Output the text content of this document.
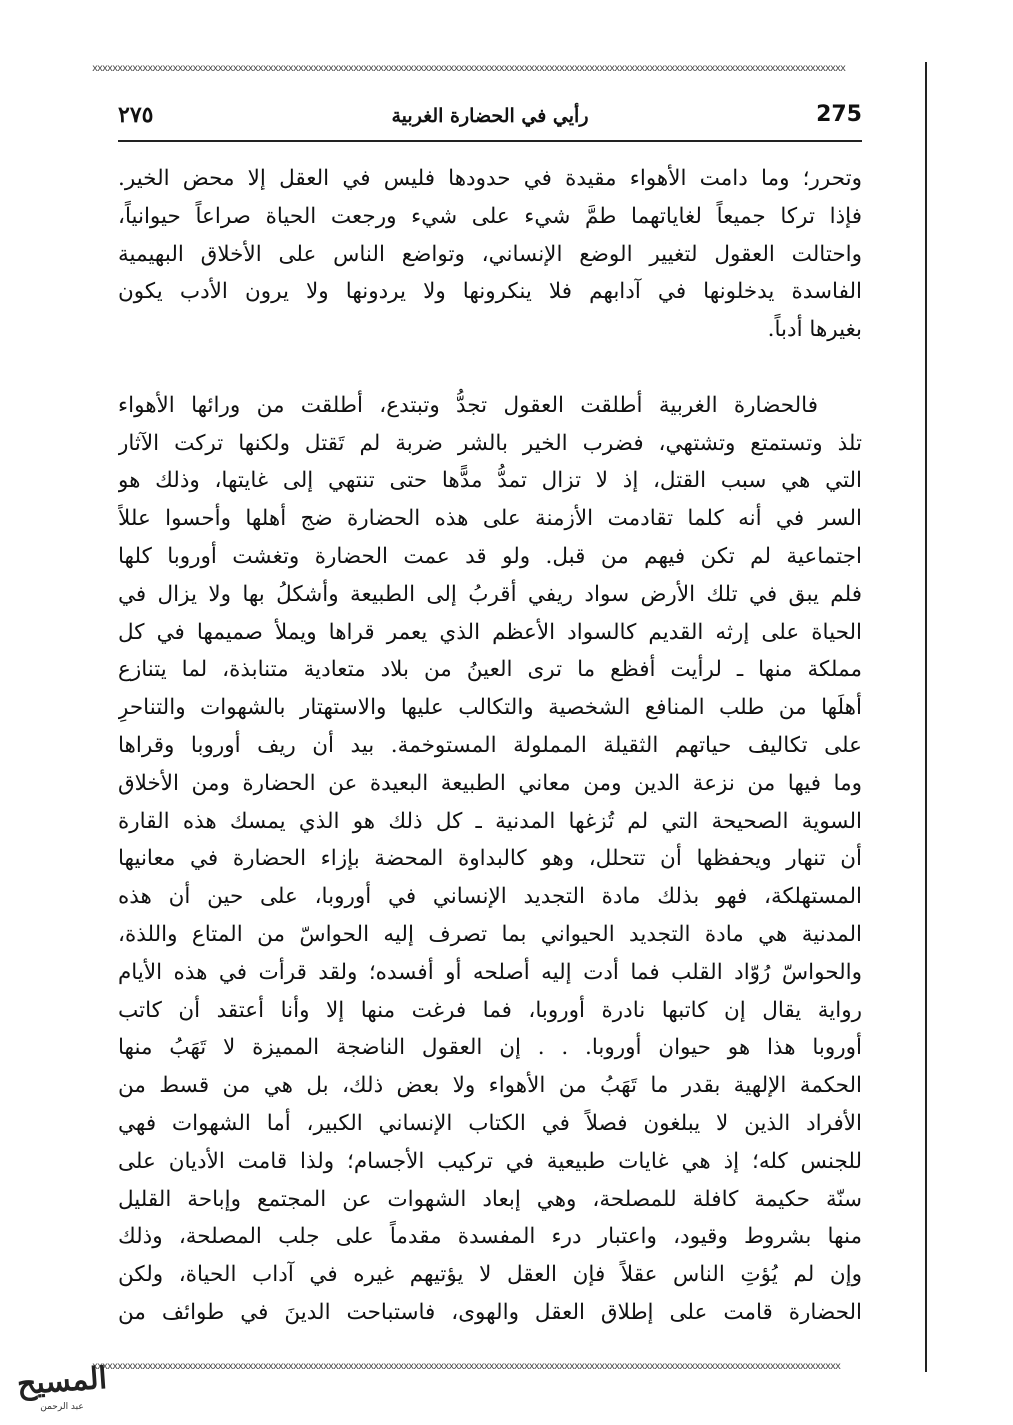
xxxxxxxxxxxxxxxxxxxxxxxxxxxxxxxxxxxxxxxxxxxxxxxxxxxxxxxxxxxxxxxxxxxxxxxxxxxxxxxxxxxxxxxxxxxxxxxxxxxxxxxxxxxxxxxxxxxxxxxxxxxxxxxxxxxxxxxxxxxxxxxxxxxxxx
275
رأيي في الحضارة الغربية
٢٧٥
وتحرر؛ وما دامت الأهواء مقيدة في حدودها فليس في العقل إلا محض الخير.
فإذا تركا جميعاً لغاياتهما طمَّ شيء على شيء ورجعت الحياة صراعاً حيوانياً،
واحتالت العقول لتغيير الوضع الإنساني، وتواضع الناس على الأخلاق البهيمية
الفاسدة يدخلونها في آدابهم فلا ينكرونها ولا يردونها ولا يرون الأدب يكون
بغيرها أدباً.
فالحضارة الغربية أطلقت العقول تجدُّ وتبتدع، أطلقت من ورائها الأهواء
تلذ وتستمتع وتشتهي، فضرب الخير بالشر ضربة لم تَقتل ولكنها تركت الآثار
التي هي سبب القتل، إذ لا تزال تمدُّ مدًّها حتى تنتهي إلى غايتها، وذلك هو
السر في أنه كلما تقادمت الأزمنة على هذه الحضارة ضج أهلها وأحسوا عللاً
اجتماعية لم تكن فيهم من قبل. ولو قد عمت الحضارة وتغشت أوروبا كلها
فلم يبق في تلك الأرض سواد ريفي أقربُ إلى الطبيعة وأشكلُ بها ولا يزال في
الحياة على إرثه القديم كالسواد الأعظم الذي يعمر قراها ويملأ صميمها في كل
مملكة منها ـ لرأيت أفظع ما ترى العينُ من بلاد متعادية متنابذة، لما يتنازع
أهلَها من طلب المنافع الشخصية والتكالب عليها والاستهتار بالشهوات والتناحرِ
على تكاليف حياتهم الثقيلة المملولة المستوخمة. بيد أن ريف أوروبا وقراها
وما فيها من نزعة الدين ومن معاني الطبيعة البعيدة عن الحضارة ومن الأخلاق
السوية الصحيحة التي لم تُزغها المدنية ـ كل ذلك هو الذي يمسك هذه القارة
أن تنهار ويحفظها أن تتحلل، وهو كالبداوة المحضة بإزاء الحضارة في معانيها
المستهلكة، فهو بذلك مادة التجديد الإنساني في أوروبا، على حين أن هذه
المدنية هي مادة التجديد الحيواني بما تصرف إليه الحواسّ من المتاع واللذة،
والحواسّ رُوّاد القلب فما أدت إليه أصلحه أو أفسده؛ ولقد قرأت في هذه الأيام
رواية يقال إن كاتبها نادرة أوروبا، فما فرغت منها إلا وأنا أعتقد أن كاتب
أوروبا هذا هو حيوان أوروبا. . . إن العقول الناضجة المميزة لا تَهَبُ منها
الحكمة الإلهية بقدر ما تَهَبُ من الأهواء ولا بعض ذلك، بل هي من قسط من
الأفراد الذين لا يبلغون فصلاً في الكتاب الإنساني الكبير، أما الشهوات فهي
للجنس كله؛ إذ هي غايات طبيعية في تركيب الأجسام؛ ولذا قامت الأديان على
سنّة حكيمة كافلة للمصلحة، وهي إبعاد الشهوات عن المجتمع وإباحة القليل
منها بشروط وقيود، واعتبار درء المفسدة مقدماً على جلب المصلحة، وذلك
وإن لم يُؤتِ الناس عقلاً فإن العقل لا يؤتيهم غيره في آداب الحياة، ولكن
الحضارة قامت على إطلاق العقل والهوى، فاستباحت الدينَ في طوائف من
xxxxxxxxxxxxxxxxxxxxxxxxxxxxxxxxxxxxxxxxxxxxxxxxxxxxxxxxxxxxxxxxxxxxxxxxxxxxxxxxxxxxxxxxxxxxxxxxxxxxxxxxxxxxxxxxxxxxxxxxxxxxxxxxxxxxxxxxxxxxxxxxxxxxx
المسيح
عبد الرحمن
